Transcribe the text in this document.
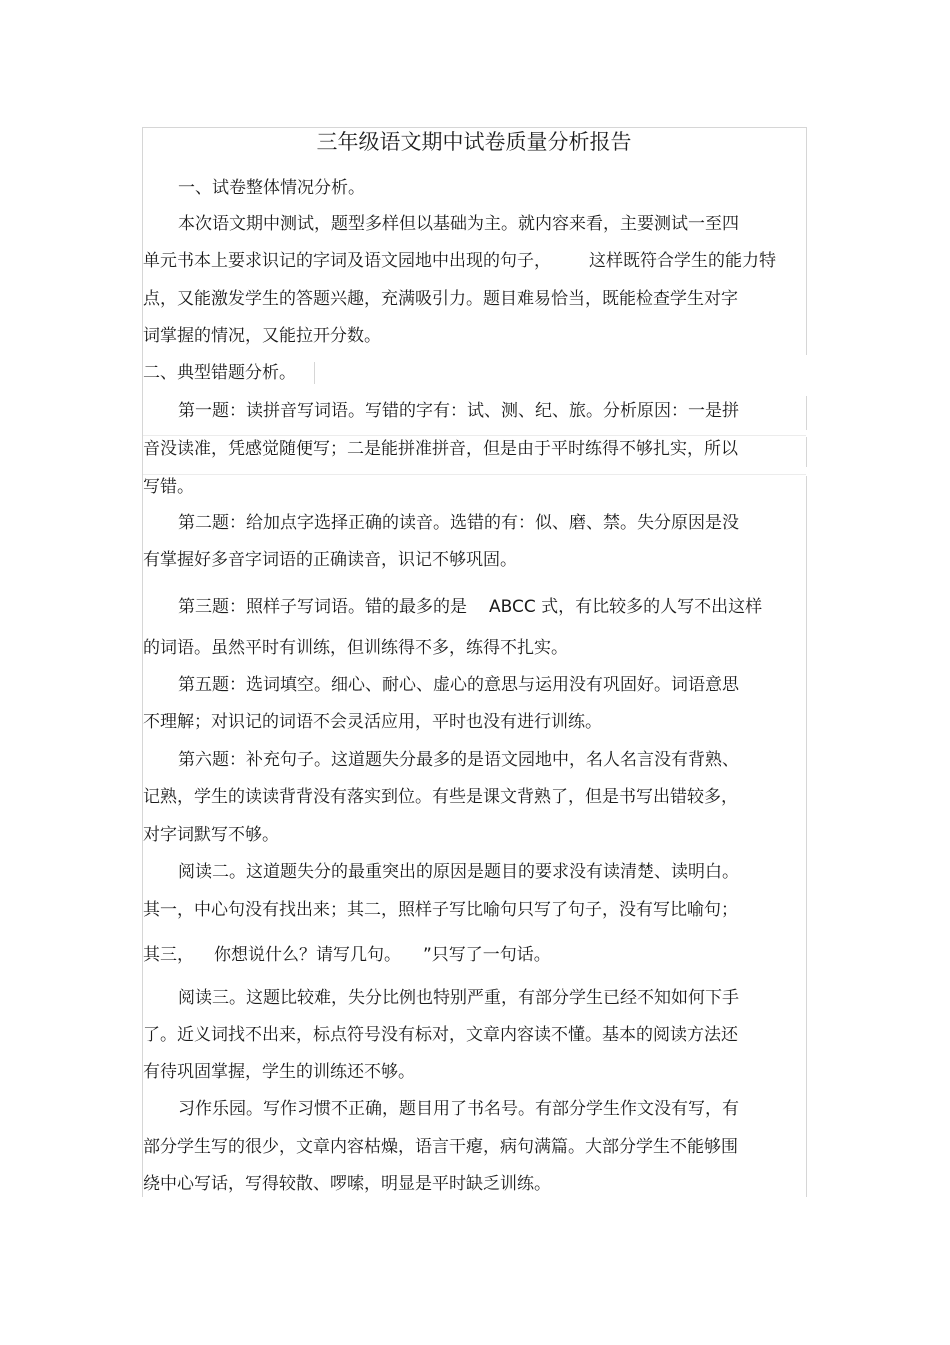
三年级语文期中试卷质量分析报告
一、试卷整体情况分析。
本次语文期中测试，题型多样但以基础为主。就内容来看，主要测试一至四
单元书本上要求识记的字词及语文园地中出现的句子， 这样既符合学生的能力特
点，又能激发学生的答题兴趣，充满吸引力。题目难易恰当，既能检查学生对字
词掌握的情况，又能拉开分数。
二、典型错题分析。
第一题：读拼音写词语。写错的字有：试、测、纪、旅。分析原因：一是拼
音没读准，凭感觉随便写；二是能拼准拼音，但是由于平时练得不够扎实，所以
写错。
第二题：给加点字选择正确的读音。选错的有：似、磨、禁。失分原因是没
有掌握好多音字词语的正确读音，识记不够巩固。
第三题：照样子写词语。错的最多的是 ABCC 式，有比较多的人写不出这样
的词语。虽然平时有训练，但训练得不多，练得不扎实。
第五题：选词填空。细心、耐心、虚心的意思与运用没有巩固好。词语意思
不理解；对识记的词语不会灵活应用，平时也没有进行训练。
第六题：补充句子。这道题失分最多的是语文园地中，名人名言没有背熟、
记熟，学生的读读背背没有落实到位。有些是课文背熟了，但是书写出错较多，
对字词默写不够。
阅读二。这道题失分的最重突出的原因是题目的要求没有读清楚、读明白。
其一，中心句没有找出来；其二，照样子写比喻句只写了句子，没有写比喻句；
其三， 你想说什么？请写几句。 ”只写了一句话。
阅读三。这题比较难，失分比例也特别严重，有部分学生已经不知如何下手
了。近义词找不出来，标点符号没有标对，文章内容读不懂。基本的阅读方法还
有待巩固掌握，学生的训练还不够。
习作乐园。写作习惯不正确，题目用了书名号。有部分学生作文没有写，有
部分学生写的很少，文章内容枯燥，语言干瘪，病句满篇。大部分学生不能够围
绕中心写话，写得较散、啰嗦，明显是平时缺乏训练。
